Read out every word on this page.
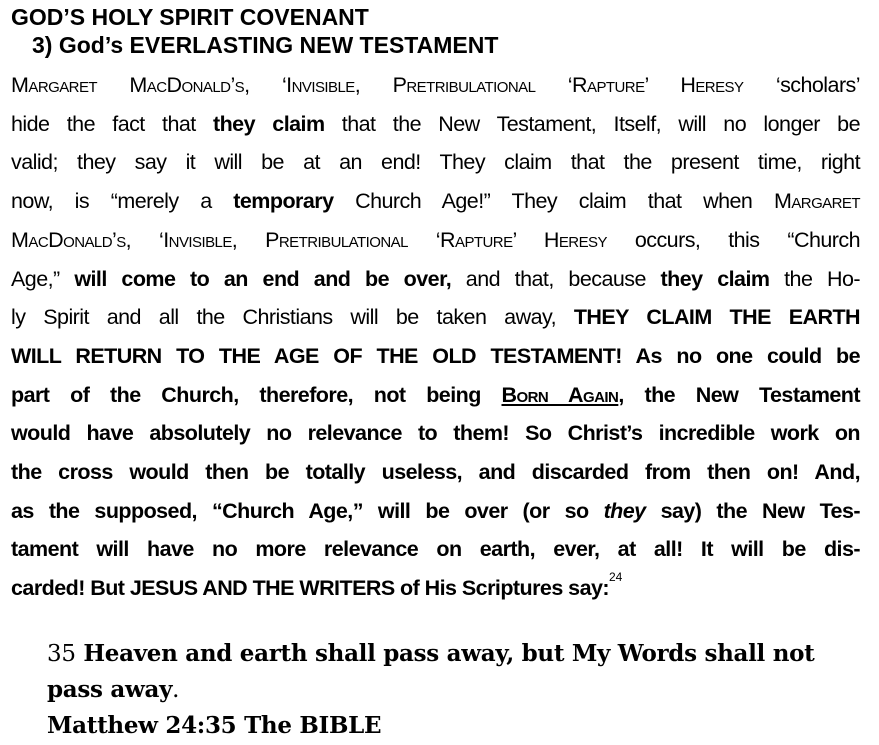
GOD’S HOLY SPIRIT COVENANT
3) God’s EVERLASTING NEW TESTAMENT
Margaret MacDonald’s, ‘Invisible, Pretribulational ‘Rapture’ Heresy ‘scholars’
hide the fact that they claim that the New Testament, Itself, will no longer be
valid; they say it will be at an end! They claim that the present time, right
now, is “merely a temporary Church Age!” They claim that when Margaret
MacDonald’s, ‘Invisible, Pretribulational ‘Rapture’ Heresy occurs, this “Church
Age,” will come to an end and be over, and that, because they claim the Ho-
ly Spirit and all the Christians will be taken away, THEY CLAIM THE EARTH
WILL RETURN TO THE AGE OF THE OLD TESTAMENT! As no one could be
part of the Church, therefore, not being Born Again, the New Testament
would have absolutely no relevance to them! So Christ’s incredible work on
the cross would then be totally useless, and discarded from then on! And,
as the supposed, “Church Age,” will be over (or so they say) the New Tes-
tament will have no more relevance on earth, ever, at all! It will be dis-
carded! But JESUS AND THE WRITERS of His Scriptures say:$^{24}$
35 Heaven and earth shall pass away, but My Words shall not
pass away.
Matthew 24:35 The BIBLE
